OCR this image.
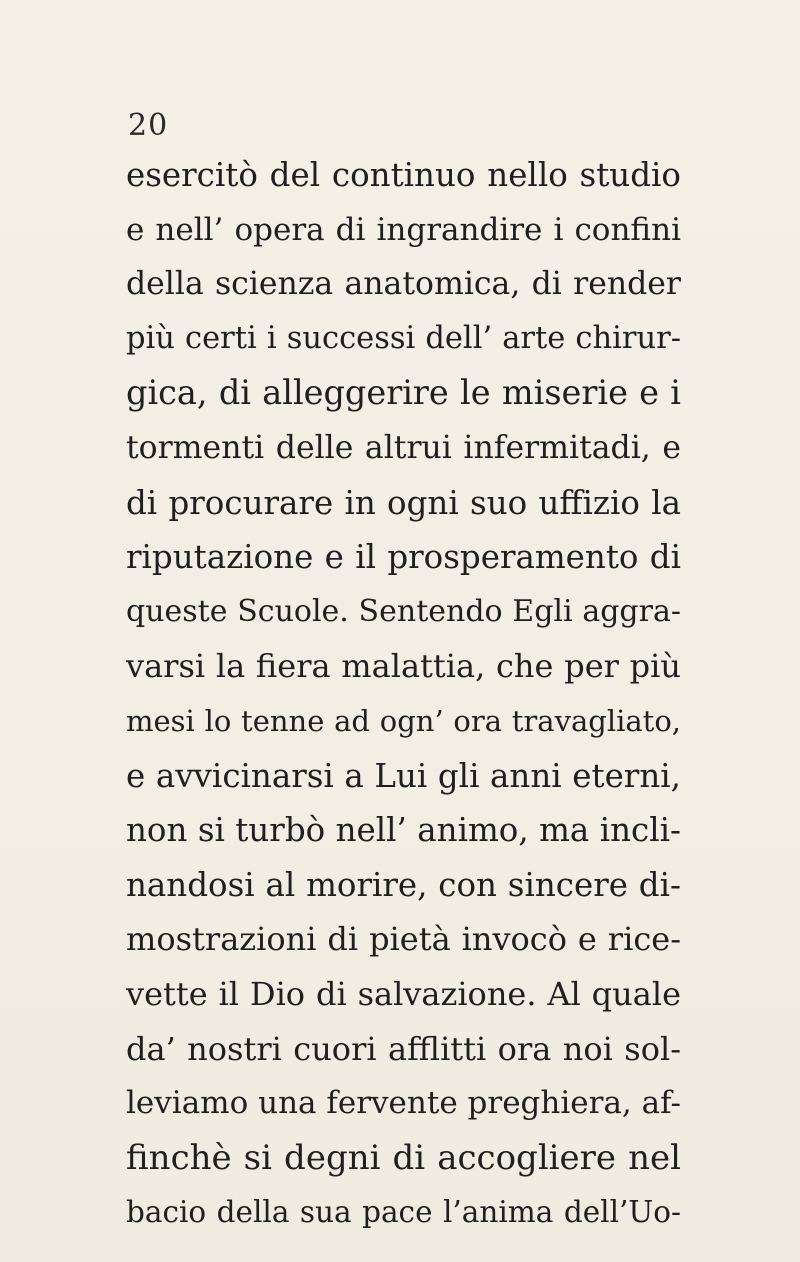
20
esercitò del continuo nello studio
e nell’ opera di ingrandire i confini
della scienza anatomica, di render
più certi i successi dell’ arte chirur-
gica, di alleggerire le miserie e i
tormenti delle altrui infermitadi, e
di procurare in ogni suo uffizio la
riputazione e il prosperamento di
queste Scuole. Sentendo Egli aggra-
varsi la fiera malattia, che per più
mesi lo tenne ad ogn’ ora travagliato,
e avvicinarsi a Lui gli anni eterni,
non si turbò nell’ animo, ma incli-
nandosi al morire, con sincere di-
mostrazioni di pietà invocò e rice-
vette il Dio di salvazione. Al quale
da’ nostri cuori afflitti ora noi sol-
leviamo una fervente preghiera, af-
finchè si degni di accogliere nel
bacio della sua pace l’anima dell’Uo-
